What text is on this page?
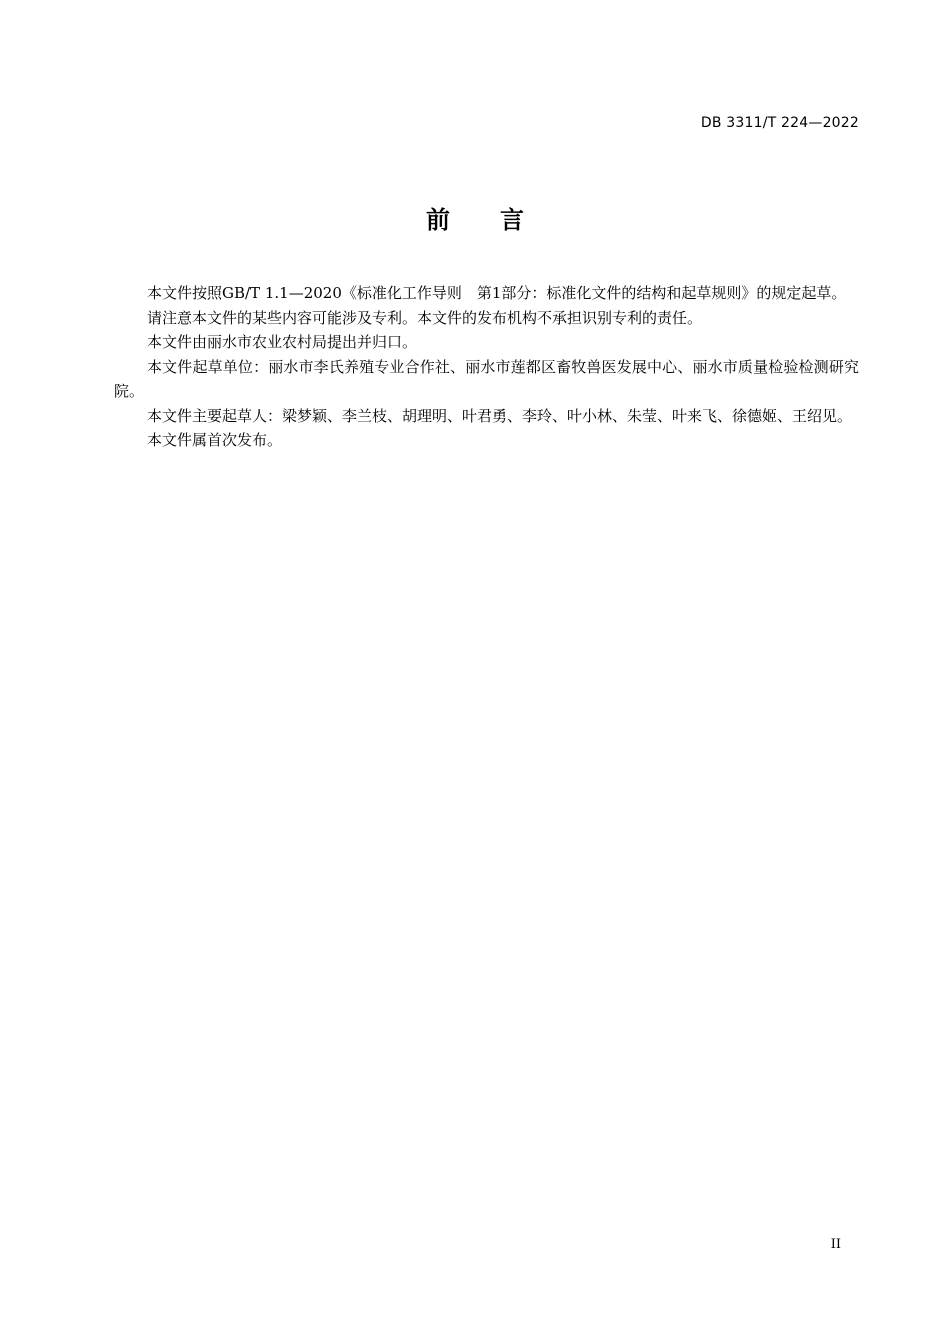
DB 3311/T 224—2022
前 言

本文件按照GB/T 1.1—2020《标准化工作导则　第1部分：标准化文件的结构和起草规则》的规定起草。

请注意本文件的某些内容可能涉及专利。本文件的发布机构不承担识别专利的责任。

本文件由丽水市农业农村局提出并归口。

本文件起草单位：丽水市李氏养殖专业合作社、丽水市莲都区畜牧兽医发展中心、丽水市质量检验检测研究院。

本文件主要起草人：梁梦颖、李兰枝、胡理明、叶君勇、李玲、叶小林、朱莹、叶来飞、徐德姬、王绍见。

本文件属首次发布。

II
